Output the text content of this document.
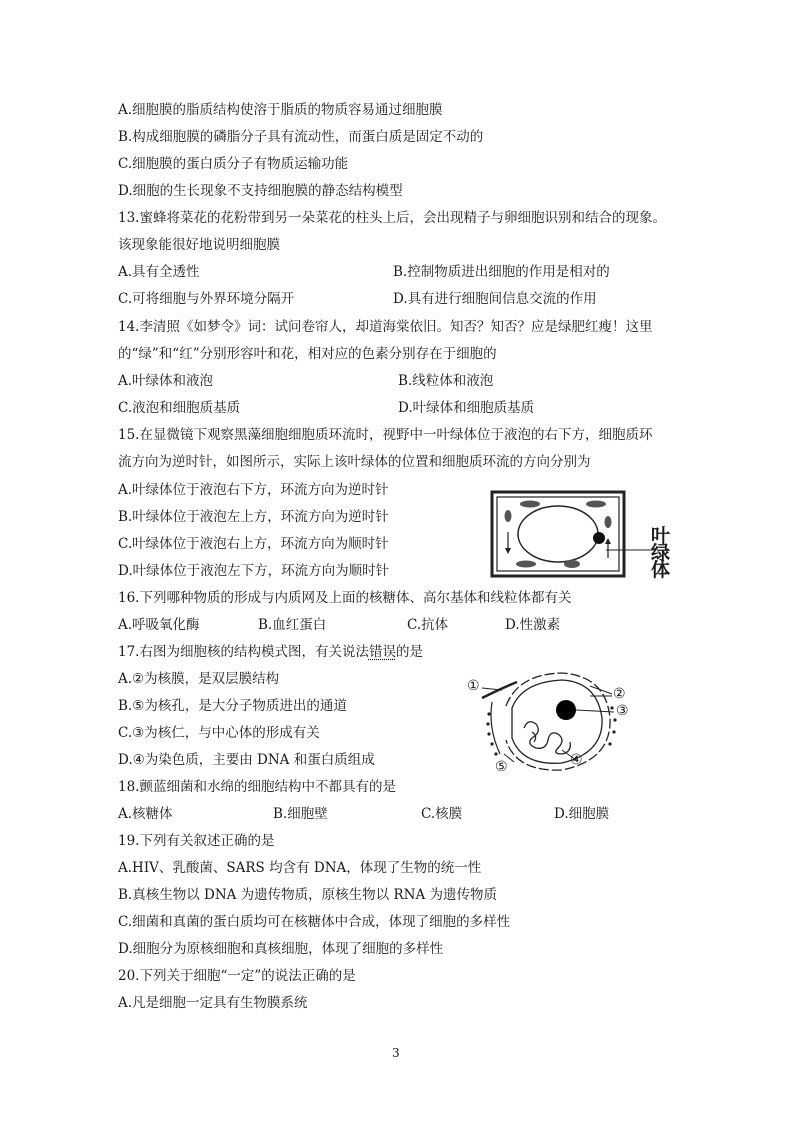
A.细胞膜的脂质结构使溶于脂质的物质容易通过细胞膜
B.构成细胞膜的磷脂分子具有流动性，而蛋白质是固定不动的
C.细胞膜的蛋白质分子有物质运输功能
D.细胞的生长现象不支持细胞膜的静态结构模型
13.蜜蜂将菜花的花粉带到另一朵菜花的柱头上后，会出现精子与卵细胞识别和结合的现象。
该现象能很好地说明细胞膜
A.具有全透性	B.控制物质进出细胞的作用是相对的
C.可将细胞与外界环境分隔开	D.具有进行细胞间信息交流的作用
14.李清照《如梦令》词：试问卷帘人，却道海棠依旧。知否？知否？应是绿肥红瘦！这里
的“绿”和“红”分别形容叶和花，相对应的色素分别存在于细胞的
A.叶绿体和液泡	B.线粒体和液泡
C.液泡和细胞质基质	D.叶绿体和细胞质基质
15.在显微镜下观察黑藻细胞细胞质环流时，视野中一叶绿体位于液泡的右下方，细胞质环
流方向为逆时针，如图所示，实际上该叶绿体的位置和细胞质环流的方向分别为
A.叶绿体位于液泡右下方，环流方向为逆时针
B.叶绿体位于液泡左上方，环流方向为逆时针
C.叶绿体位于液泡右上方，环流方向为顺时针
D.叶绿体位于液泡左下方，环流方向为顺时针
叶绿体
16.下列哪种物质的形成与内质网及上面的核糖体、高尔基体和线粒体都有关
A.呼吸氧化酶	B.血红蛋白	C.抗体	D.性激素
17.右图为细胞核的结构模式图，有关说法错误的是
A.②为核膜，是双层膜结构
B.⑤为核孔，是大分子物质进出的通道
C.③为核仁，与中心体的形成有关
D.④为染色质，主要由 DNA 和蛋白质组成
①	②
③
④
⑤
18.颤蓝细菌和水绵的细胞结构中不都具有的是
A.核糖体	B.细胞壁	C.核膜	D.细胞膜
19.下列有关叙述正确的是
A.HIV、乳酸菌、SARS 均含有 DNA，体现了生物的统一性
B.真核生物以 DNA 为遗传物质，原核生物以 RNA 为遗传物质
C.细菌和真菌的蛋白质均可在核糖体中合成，体现了细胞的多样性
D.细胞分为原核细胞和真核细胞，体现了细胞的多样性
20.下列关于细胞“一定”的说法正确的是
A.凡是细胞一定具有生物膜系统
3
